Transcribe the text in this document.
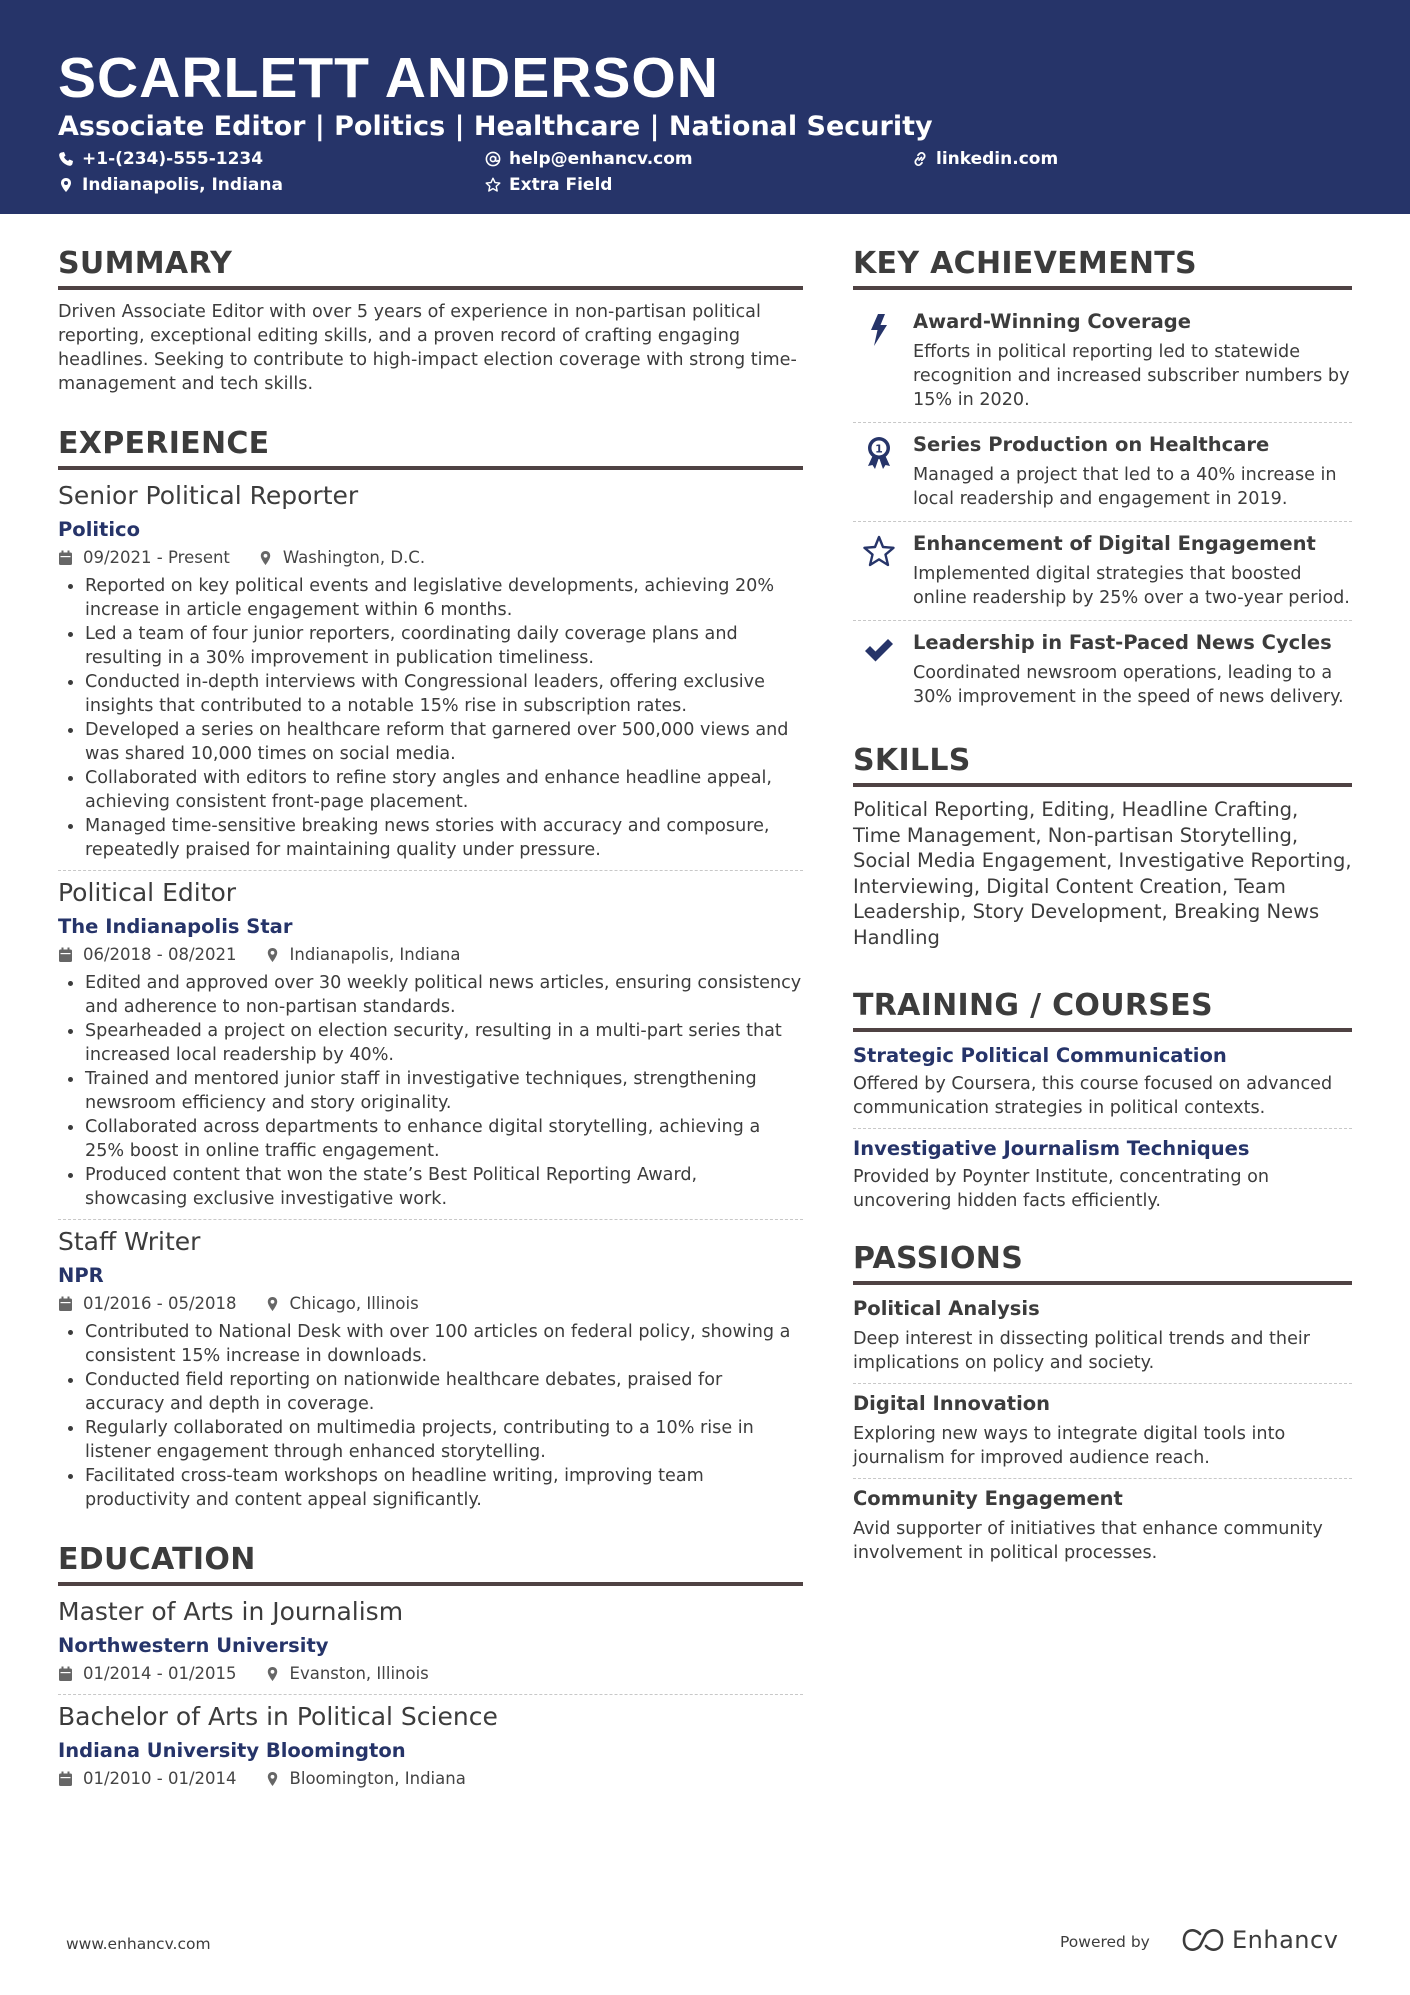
SCARLETT ANDERSON
Associate Editor | Politics | Healthcare | National Security
+1-(234)-555-1234	help@enhancv.com	linkedin.com
Indianapolis, Indiana	Extra Field
SUMMARY
Driven Associate Editor with over 5 years of experience in non-partisan political reporting, exceptional editing skills, and a proven record of crafting engaging headlines. Seeking to contribute to high-impact election coverage with strong time-management and tech skills.
EXPERIENCE
Senior Political Reporter
Politico
09/2021 - Present	Washington, D.C.
Reported on key political events and legislative developments, achieving 20% increase in article engagement within 6 months.
Led a team of four junior reporters, coordinating daily coverage plans and resulting in a 30% improvement in publication timeliness.
Conducted in-depth interviews with Congressional leaders, offering exclusive insights that contributed to a notable 15% rise in subscription rates.
Developed a series on healthcare reform that garnered over 500,000 views and was shared 10,000 times on social media.
Collaborated with editors to refine story angles and enhance headline appeal, achieving consistent front-page placement.
Managed time-sensitive breaking news stories with accuracy and composure, repeatedly praised for maintaining quality under pressure.
Political Editor
The Indianapolis Star
06/2018 - 08/2021	Indianapolis, Indiana
Edited and approved over 30 weekly political news articles, ensuring consistency and adherence to non-partisan standards.
Spearheaded a project on election security, resulting in a multi-part series that increased local readership by 40%.
Trained and mentored junior staff in investigative techniques, strengthening newsroom efficiency and story originality.
Collaborated across departments to enhance digital storytelling, achieving a 25% boost in online traffic engagement.
Produced content that won the state’s Best Political Reporting Award, showcasing exclusive investigative work.
Staff Writer
NPR
01/2016 - 05/2018	Chicago, Illinois
Contributed to National Desk with over 100 articles on federal policy, showing a consistent 15% increase in downloads.
Conducted field reporting on nationwide healthcare debates, praised for accuracy and depth in coverage.
Regularly collaborated on multimedia projects, contributing to a 10% rise in listener engagement through enhanced storytelling.
Facilitated cross-team workshops on headline writing, improving team productivity and content appeal significantly.
EDUCATION
Master of Arts in Journalism
Northwestern University
01/2014 - 01/2015	Evanston, Illinois
Bachelor of Arts in Political Science
Indiana University Bloomington
01/2010 - 01/2014	Bloomington, Indiana
KEY ACHIEVEMENTS
Award-Winning Coverage
Efforts in political reporting led to statewide recognition and increased subscriber numbers by 15% in 2020.
1 Series Production on Healthcare
Managed a project that led to a 40% increase in local readership and engagement in 2019.
Enhancement of Digital Engagement
Implemented digital strategies that boosted online readership by 25% over a two-year period.
Leadership in Fast-Paced News Cycles
Coordinated newsroom operations, leading to a 30% improvement in the speed of news delivery.
SKILLS
Political Reporting, Editing, Headline Crafting, Time Management, Non-partisan Storytelling, Social Media Engagement, Investigative Reporting, Interviewing, Digital Content Creation, Team Leadership, Story Development, Breaking News Handling
TRAINING / COURSES
Strategic Political Communication
Offered by Coursera, this course focused on advanced communication strategies in political contexts.
Investigative Journalism Techniques
Provided by Poynter Institute, concentrating on uncovering hidden facts efficiently.
PASSIONS
Political Analysis
Deep interest in dissecting political trends and their implications on policy and society.
Digital Innovation
Exploring new ways to integrate digital tools into journalism for improved audience reach.
Community Engagement
Avid supporter of initiatives that enhance community involvement in political processes.
www.enhancv.com	Powered by	Enhancv
